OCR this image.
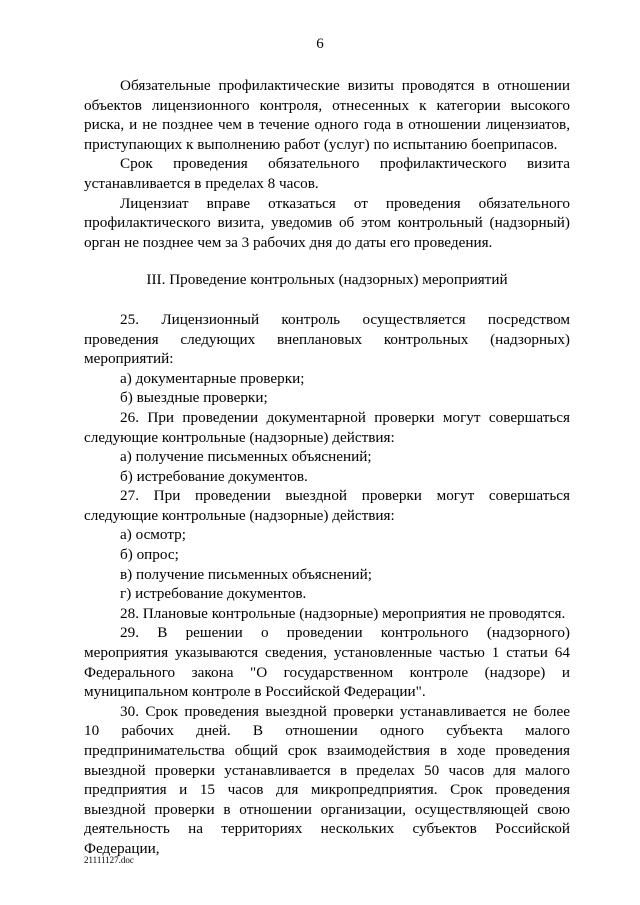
6

Обязательные профилактические визиты проводятся в отношении объектов лицензионного контроля, отнесенных к категории высокого риска, и не позднее чем в течение одного года в отношении лицензиатов, приступающих к выполнению работ (услуг) по испытанию боеприпасов.

Срок проведения обязательного профилактического визита устанавливается в пределах 8 часов.

Лицензиат вправе отказаться от проведения обязательного профилактического визита, уведомив об этом контрольный (надзорный) орган не позднее чем за 3 рабочих дня до даты его проведения.

III. Проведение контрольных (надзорных) мероприятий

25. Лицензионный контроль осуществляется посредством проведения следующих внеплановых контрольных (надзорных) мероприятий:

а) документарные проверки;

б) выездные проверки;

26. При проведении документарной проверки могут совершаться следующие контрольные (надзорные) действия:

а) получение письменных объяснений;

б) истребование документов.

27. При проведении выездной проверки могут совершаться следующие контрольные (надзорные) действия:

а) осмотр;

б) опрос;

в) получение письменных объяснений;

г) истребование документов.

28. Плановые контрольные (надзорные) мероприятия не проводятся.

29. В решении о проведении контрольного (надзорного) мероприятия указываются сведения, установленные частью 1 статьи 64 Федерального закона "О государственном контроле (надзоре) и муниципальном контроле в Российской Федерации".

30. Срок проведения выездной проверки устанавливается не более 10 рабочих дней. В отношении одного субъекта малого предпринимательства общий срок взаимодействия в ходе проведения выездной проверки устанавливается в пределах 50 часов для малого предприятия и 15 часов для микропредприятия. Срок проведения выездной проверки в отношении организации, осуществляющей свою деятельность на территориях нескольких субъектов Российской Федерации,

21111127.doc
